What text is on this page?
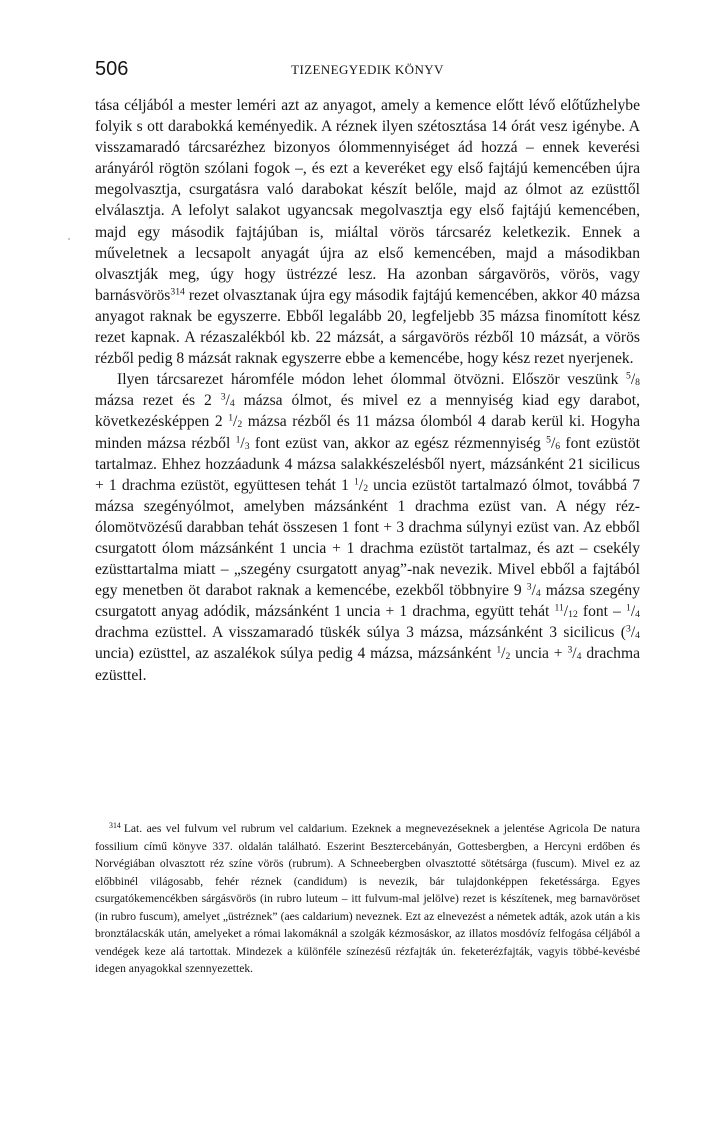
506	TIZENEGYEDIK KÖNYV

tása céljából a mester leméri azt az anyagot, amely a kemence előtt lévő előtűzhelybe folyik s ott darabokká keményedik. A réznek ilyen szétosztása 14 órát vesz igénybe. A visszamaradó tárcsarézhez bizonyos ólommennyiséget ád hozzá – ennek keverési arányáról rögtön szólani fogok –, és ezt a keveréket egy első fajtájú kemencében újra megolvasztja, csurgatásra való darabokat készít belőle, majd az ólmot az ezüsttől elválasztja. A lefolyt salakot ugyancsak megolvasztja egy első fajtájú kemencében, majd egy második fajtájúban is, miáltal vörös tárcsaréz keletkezik. Ennek a műveletnek a lecsapolt anyagát újra az első kemencében, majd a másodikban olvasztják meg, úgy hogy üstrézzé lesz. Ha azonban sárgavörös, vörös, vagy barnásvörös$^{314}$ rezet olvasztanak újra egy második fajtájú kemencében, akkor 40 mázsa anyagot raknak be egyszerre. Ebből legalább 20, legfeljebb 35 mázsa finomított kész rezet kapnak. A rézaszalékból kb. 22 mázsát, a sárgavörös rézből 10 mázsát, a vörös rézből pedig 8 mázsát raknak egyszerre ebbe a kemencébe, hogy kész rezet nyerjenek.

Ilyen tárcsarezet háromféle módon lehet ólommal ötvözni. Először veszünk $^5/_8$ mázsa rezet és 2 $^3/_4$ mázsa ólmot, és mivel ez a mennyiség kiad egy darabot, következésképpen 2 $^1/_2$ mázsa rézből és 11 mázsa ólomból 4 darab kerül ki. Hogyha minden mázsa rézből $^1/_3$ font ezüst van, akkor az egész rézmennyiség $^5/_6$ font ezüstöt tartalmaz. Ehhez hozzáadunk 4 mázsa salakkészelésből nyert, mázsánként 21 sicilicus + 1 drachma ezüstöt, együttesen tehát 1 $^1/_2$ uncia ezüstöt tartalmazó ólmot, továbbá 7 mázsa szegényólmot, amelyben mázsánként 1 drachma ezüst van. A négy réz-ólomötvözésű darabban tehát összesen 1 font + 3 drachma súlynyi ezüst van. Az ebből csurgatott ólom mázsánként 1 uncia + 1 drachma ezüstöt tartalmaz, és azt – csekély ezüsttartalma miatt – „szegény csurgatott anyag”-nak nevezik. Mivel ebből a fajtából egy menetben öt darabot raknak a kemencébe, ezekből többnyire 9 $^3/_4$ mázsa szegény csurgatott anyag adódik, mázsánként 1 uncia + 1 drachma, együtt tehát $^{11}/_{12}$ font – $^1/_4$ drachma ezüsttel. A visszamaradó tüskék súlya 3 mázsa, mázsánként 3 sicilicus ($^3/_4$ uncia) ezüsttel, az aszalékok súlya pedig 4 mázsa, mázsánként $^1/_2$ uncia + $^3/_4$ drachma ezüsttel.

$^{314}$ Lat. aes vel fulvum vel rubrum vel caldarium. Ezeknek a megnevezéseknek a jelentése Agricola De natura fossilium című könyve 337. oldalán található. Eszerint Besztercebányán, Gottesbergben, a Hercyni erdőben és Norvégiában olvasztott réz színe vörös (rubrum). A Schneebergben olvasztotté sötétsárga (fuscum). Mivel ez az előbbinél világosabb, fehér réznek (candidum) is nevezik, bár tulajdonképpen feketéssárga. Egyes csurgatókemencékben sárgásvörös (in rubro luteum – itt fulvum-mal jelölve) rezet is készítenek, meg barnavöröset (in rubro fuscum), amelyet „üstréznek” (aes caldarium) neveznek. Ezt az elnevezést a németek adták, azok után a kis bronztálacskák után, amelyeket a római lakomáknál a szolgák kézmosáskor, az illatos mosdóvíz felfogása céljából a vendégek keze alá tartottak. Mindezek a különféle színezésű rézfajták ún. feketerézfajták, vagyis többé-kevésbé idegen anyagokkal szennyezettek.
